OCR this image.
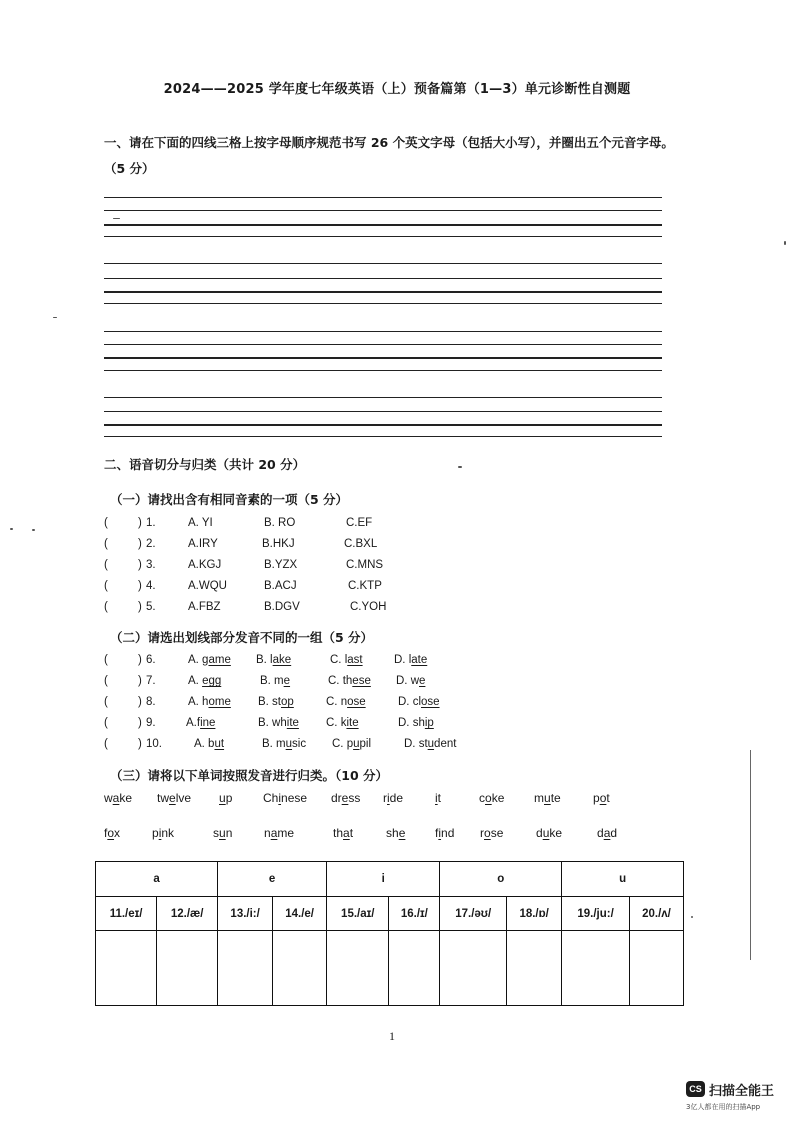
2024——2025 学年度七年级英语（上）预备篇第（1—3）单元诊断性自测题
一、请在下面的四线三格上按字母顺序规范书写 26 个英文字母（包括大小写），并圈出五个元音字母。（5 分）
二、语音切分与归类（共计 20 分）
（一）请找出含有相同音素的一项（5 分）
(	) 1.	A. YI	B. RO	C.EF
(	) 2.	A.IRY	B.HKJ	C.BXL
(	) 3.	A.KGJ	B.YZX	C.MNS
(	) 4.	A.WQU	B.ACJ	C.KTP
(	) 5.	A.FBZ	B.DGV	C.YOH
（二）请选出划线部分发音不同的一组（5 分）
(	) 6.	A. game B. lake	C. last	D. late
(	) 7.	A. egg	B. me	C. these D. we
(	) 8.	A. home B. stop	C. nose	D. close
(	) 9.	A.fine	B. white C. kite	D. ship
(	) 10.	A. but	B. music C. pupil	D. student
（三）请将以下单词按照发音进行归类。（10 分）
wake twelve up	Chinese dress ride	it	coke mute	pot
fox	pink	sun	name	that	she find rose	duke	dad
a		e		i		o		u	
11./eɪ/	12./æ/	13./i:/	14./e/	15./aɪ/	16./ɪ/	17./əʊ/	18./ɒ/	19./ju:/	20./ʌ/

1
CS 扫描全能王
3亿人都在用的扫描App
